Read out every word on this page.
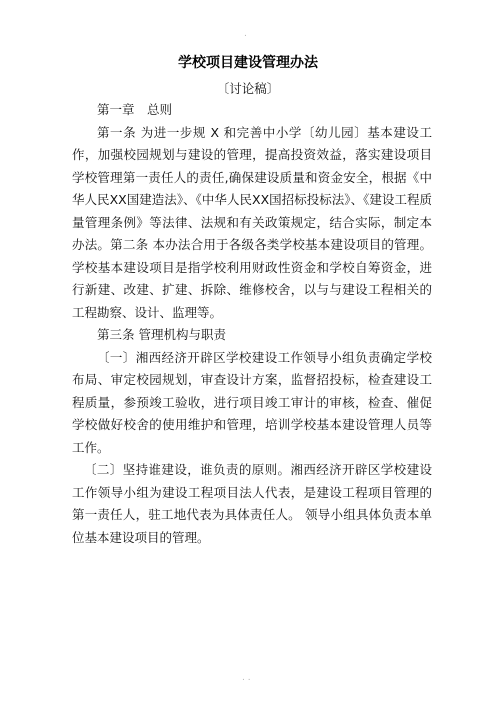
.
学校项目建设管理办法
〔讨论稿〕

第一章　总则

第一条 为进一步规 X 和完善中小学〔幼儿园〕基本建设工作，加强校园规划与建设的管理，提高投资效益，落实建设项目学校管理第一责任人的责任,确保建设质量和资金安全，根据《中华人民XX国建造法》、《中华人民XX国招标投标法》、《建设工程质量管理条例》等法律、法规和有关政策规定，结合实际，制定本办法。第二条 本办法合用于各级各类学校基本建设项目的管理。 学校基本建设项目是指学校利用财政性资金和学校自筹资金，进行新建、改建、扩建、拆除、维修校舍，以与与建设工程相关的工程勘察、设计、监理等。

第三条 管理机构与职责

〔一〕湘西经济开辟区学校建设工作领导小组负责确定学校布局、审定校园规划，审查设计方案，监督招投标，检查建设工程质量，参预竣工验收，进行项目竣工审计的审核，检查、催促学校做好校舍的使用维护和管理，培训学校基本建设管理人员等工作。

〔二〕坚持谁建设，谁负责的原则。湘西经济开辟区学校建设工作领导小组为建设工程项目法人代表，是建设工程项目管理的第一责任人，驻工地代表为具体责任人。 领导小组具体负责本单位基本建设项目的管理。

. .
